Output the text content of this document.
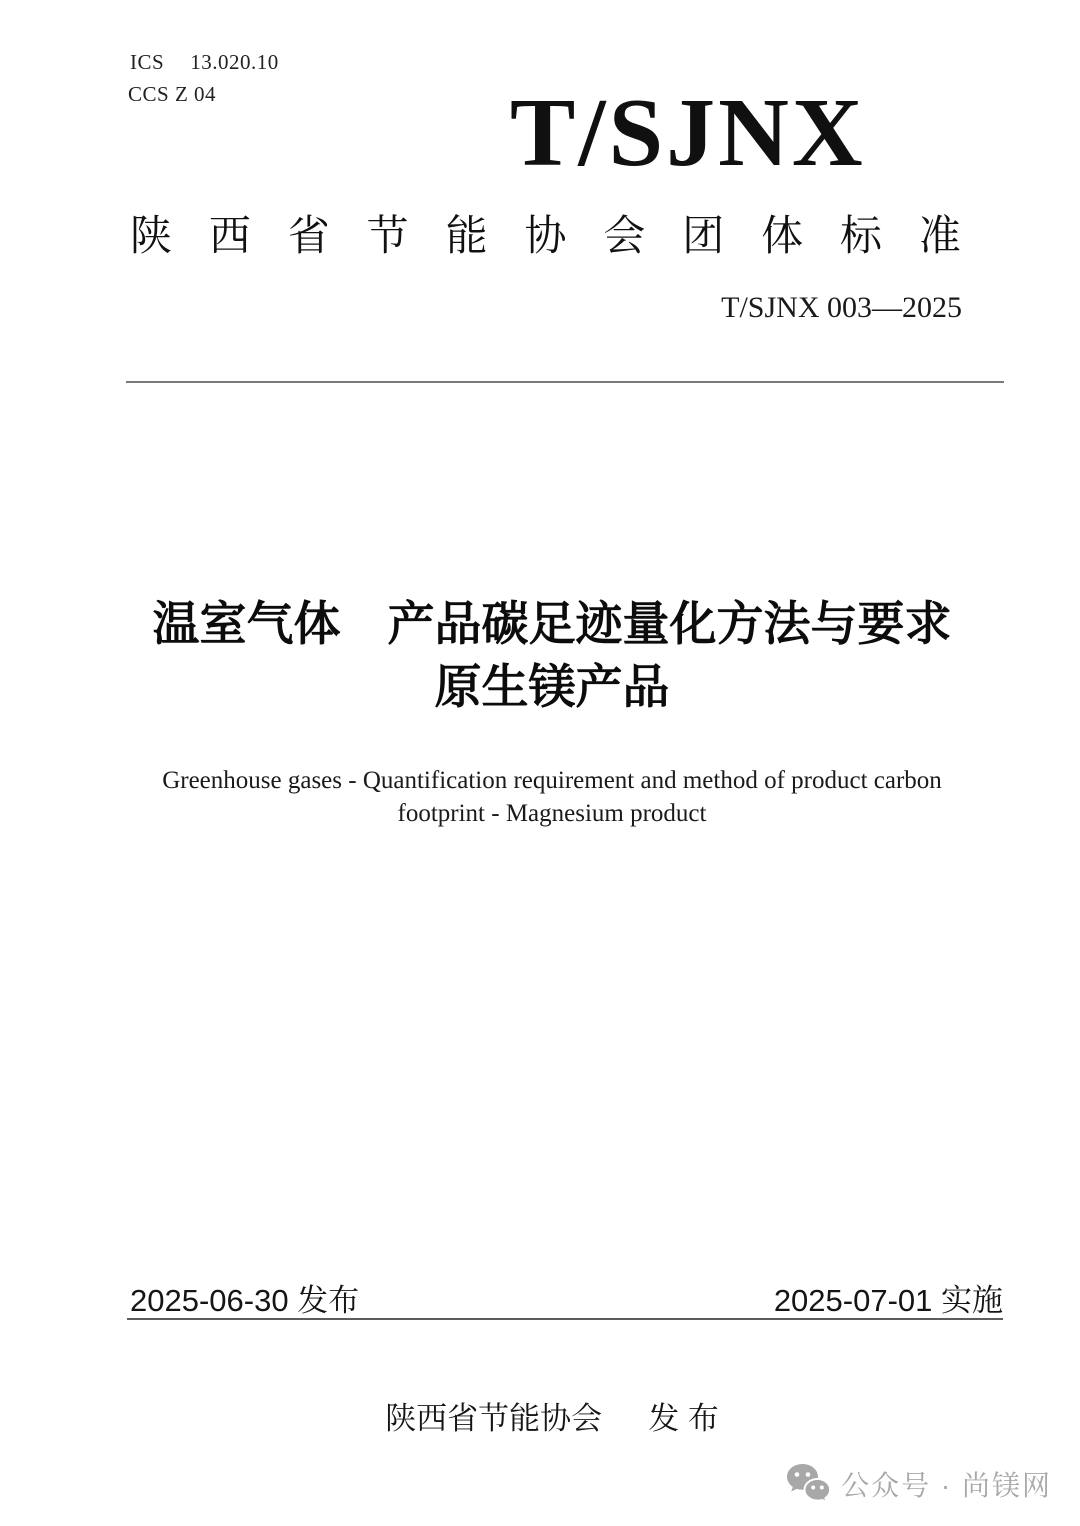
ICS 13.020.10
CCS Z 04	T/SJNX
陕 西 省 节 能 协 会 团 体 标 准
T/SJNX 003—2025
温室气体　产品碳足迹量化方法与要求
原生镁产品
Greenhouse gases - Quantification requirement and method of product carbon
footprint - Magnesium product
2025-06-30 发布	2025-07-01 实施
陕西省节能协会 发 布
公众号 · 尚镁网
